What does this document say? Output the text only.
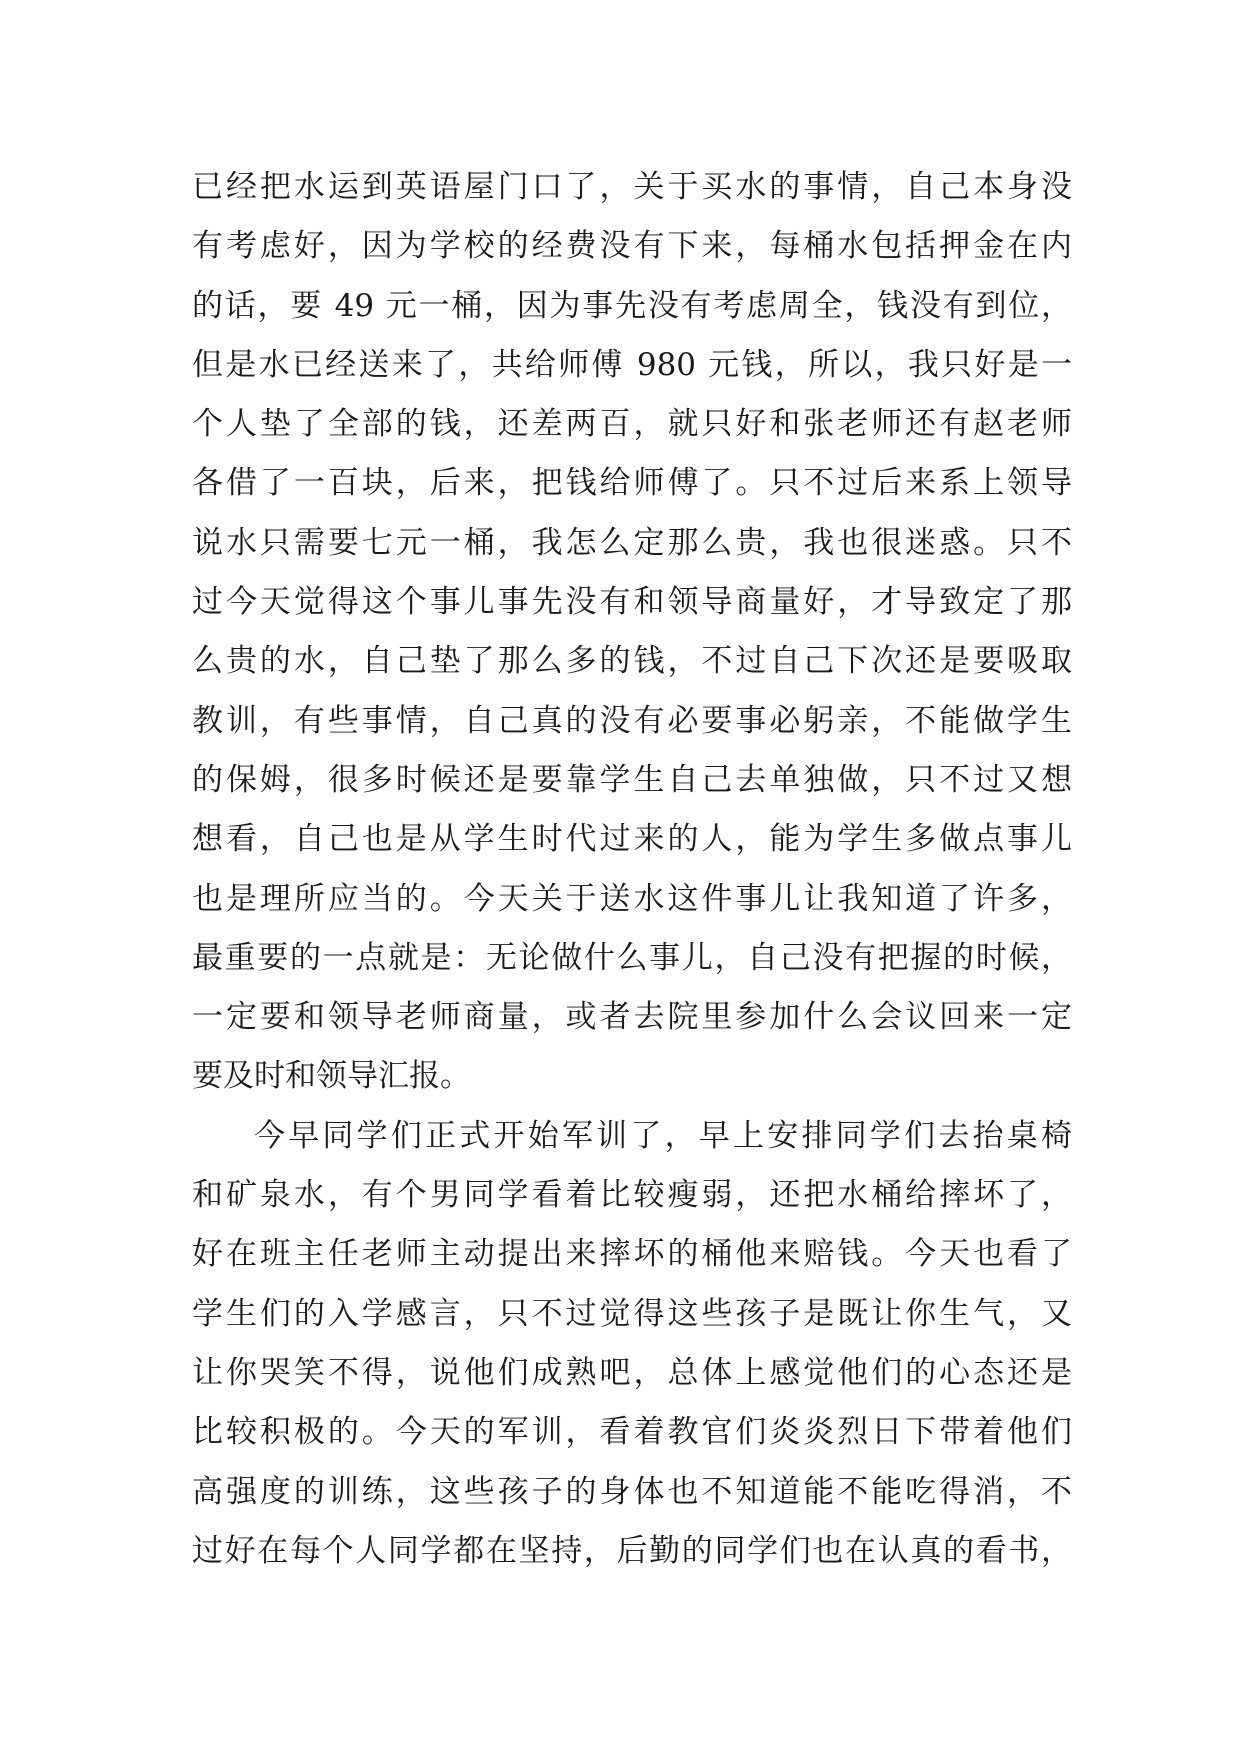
已经把水运到英语屋门口了，关于买水的事情，自己本身没
有考虑好，因为学校的经费没有下来，每桶水包括押金在内
的话，要 49 元一桶，因为事先没有考虑周全，钱没有到位，
但是水已经送来了，共给师傅 980 元钱，所以，我只好是一
个人垫了全部的钱，还差两百，就只好和张老师还有赵老师
各借了一百块，后来，把钱给师傅了。只不过后来系上领导
说水只需要七元一桶，我怎么定那么贵，我也很迷惑。只不
过今天觉得这个事儿事先没有和领导商量好，才导致定了那
么贵的水，自己垫了那么多的钱，不过自己下次还是要吸取
教训，有些事情，自己真的没有必要事必躬亲，不能做学生
的保姆，很多时候还是要靠学生自己去单独做，只不过又想
想看，自己也是从学生时代过来的人，能为学生多做点事儿
也是理所应当的。今天关于送水这件事儿让我知道了许多，
最重要的一点就是：无论做什么事儿，自己没有把握的时候，
一定要和领导老师商量，或者去院里参加什么会议回来一定
要及时和领导汇报。
今早同学们正式开始军训了，早上安排同学们去抬桌椅
和矿泉水，有个男同学看着比较瘦弱，还把水桶给摔坏了，
好在班主任老师主动提出来摔坏的桶他来赔钱。今天也看了
学生们的入学感言，只不过觉得这些孩子是既让你生气，又
让你哭笑不得，说他们成熟吧，总体上感觉他们的心态还是
比较积极的。今天的军训，看着教官们炎炎烈日下带着他们
高强度的训练，这些孩子的身体也不知道能不能吃得消，不
过好在每个人同学都在坚持，后勤的同学们也在认真的看书，
